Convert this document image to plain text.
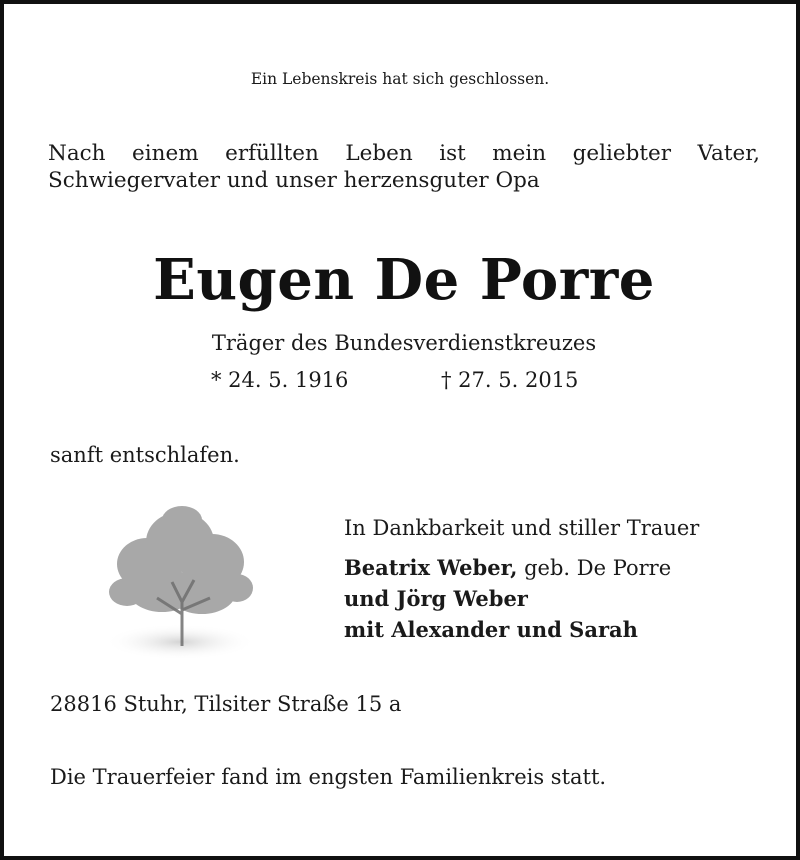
Ein Lebenskreis hat sich geschlossen.

Nach einem erfüllten Leben ist mein geliebter Vater,
Schwiegervater und unser herzensguter Opa

Eugen De Porre

Träger des Bundesverdienstkreuzes

* 24. 5. 1916	† 27. 5. 2015

sanft entschlafen.

In Dankbarkeit und stiller Trauer

Beatrix Weber, geb. De Porre

und Jörg Weber

mit Alexander und Sarah

28816 Stuhr, Tilsiter Straße 15 a

Die Trauerfeier fand im engsten Familienkreis statt.
